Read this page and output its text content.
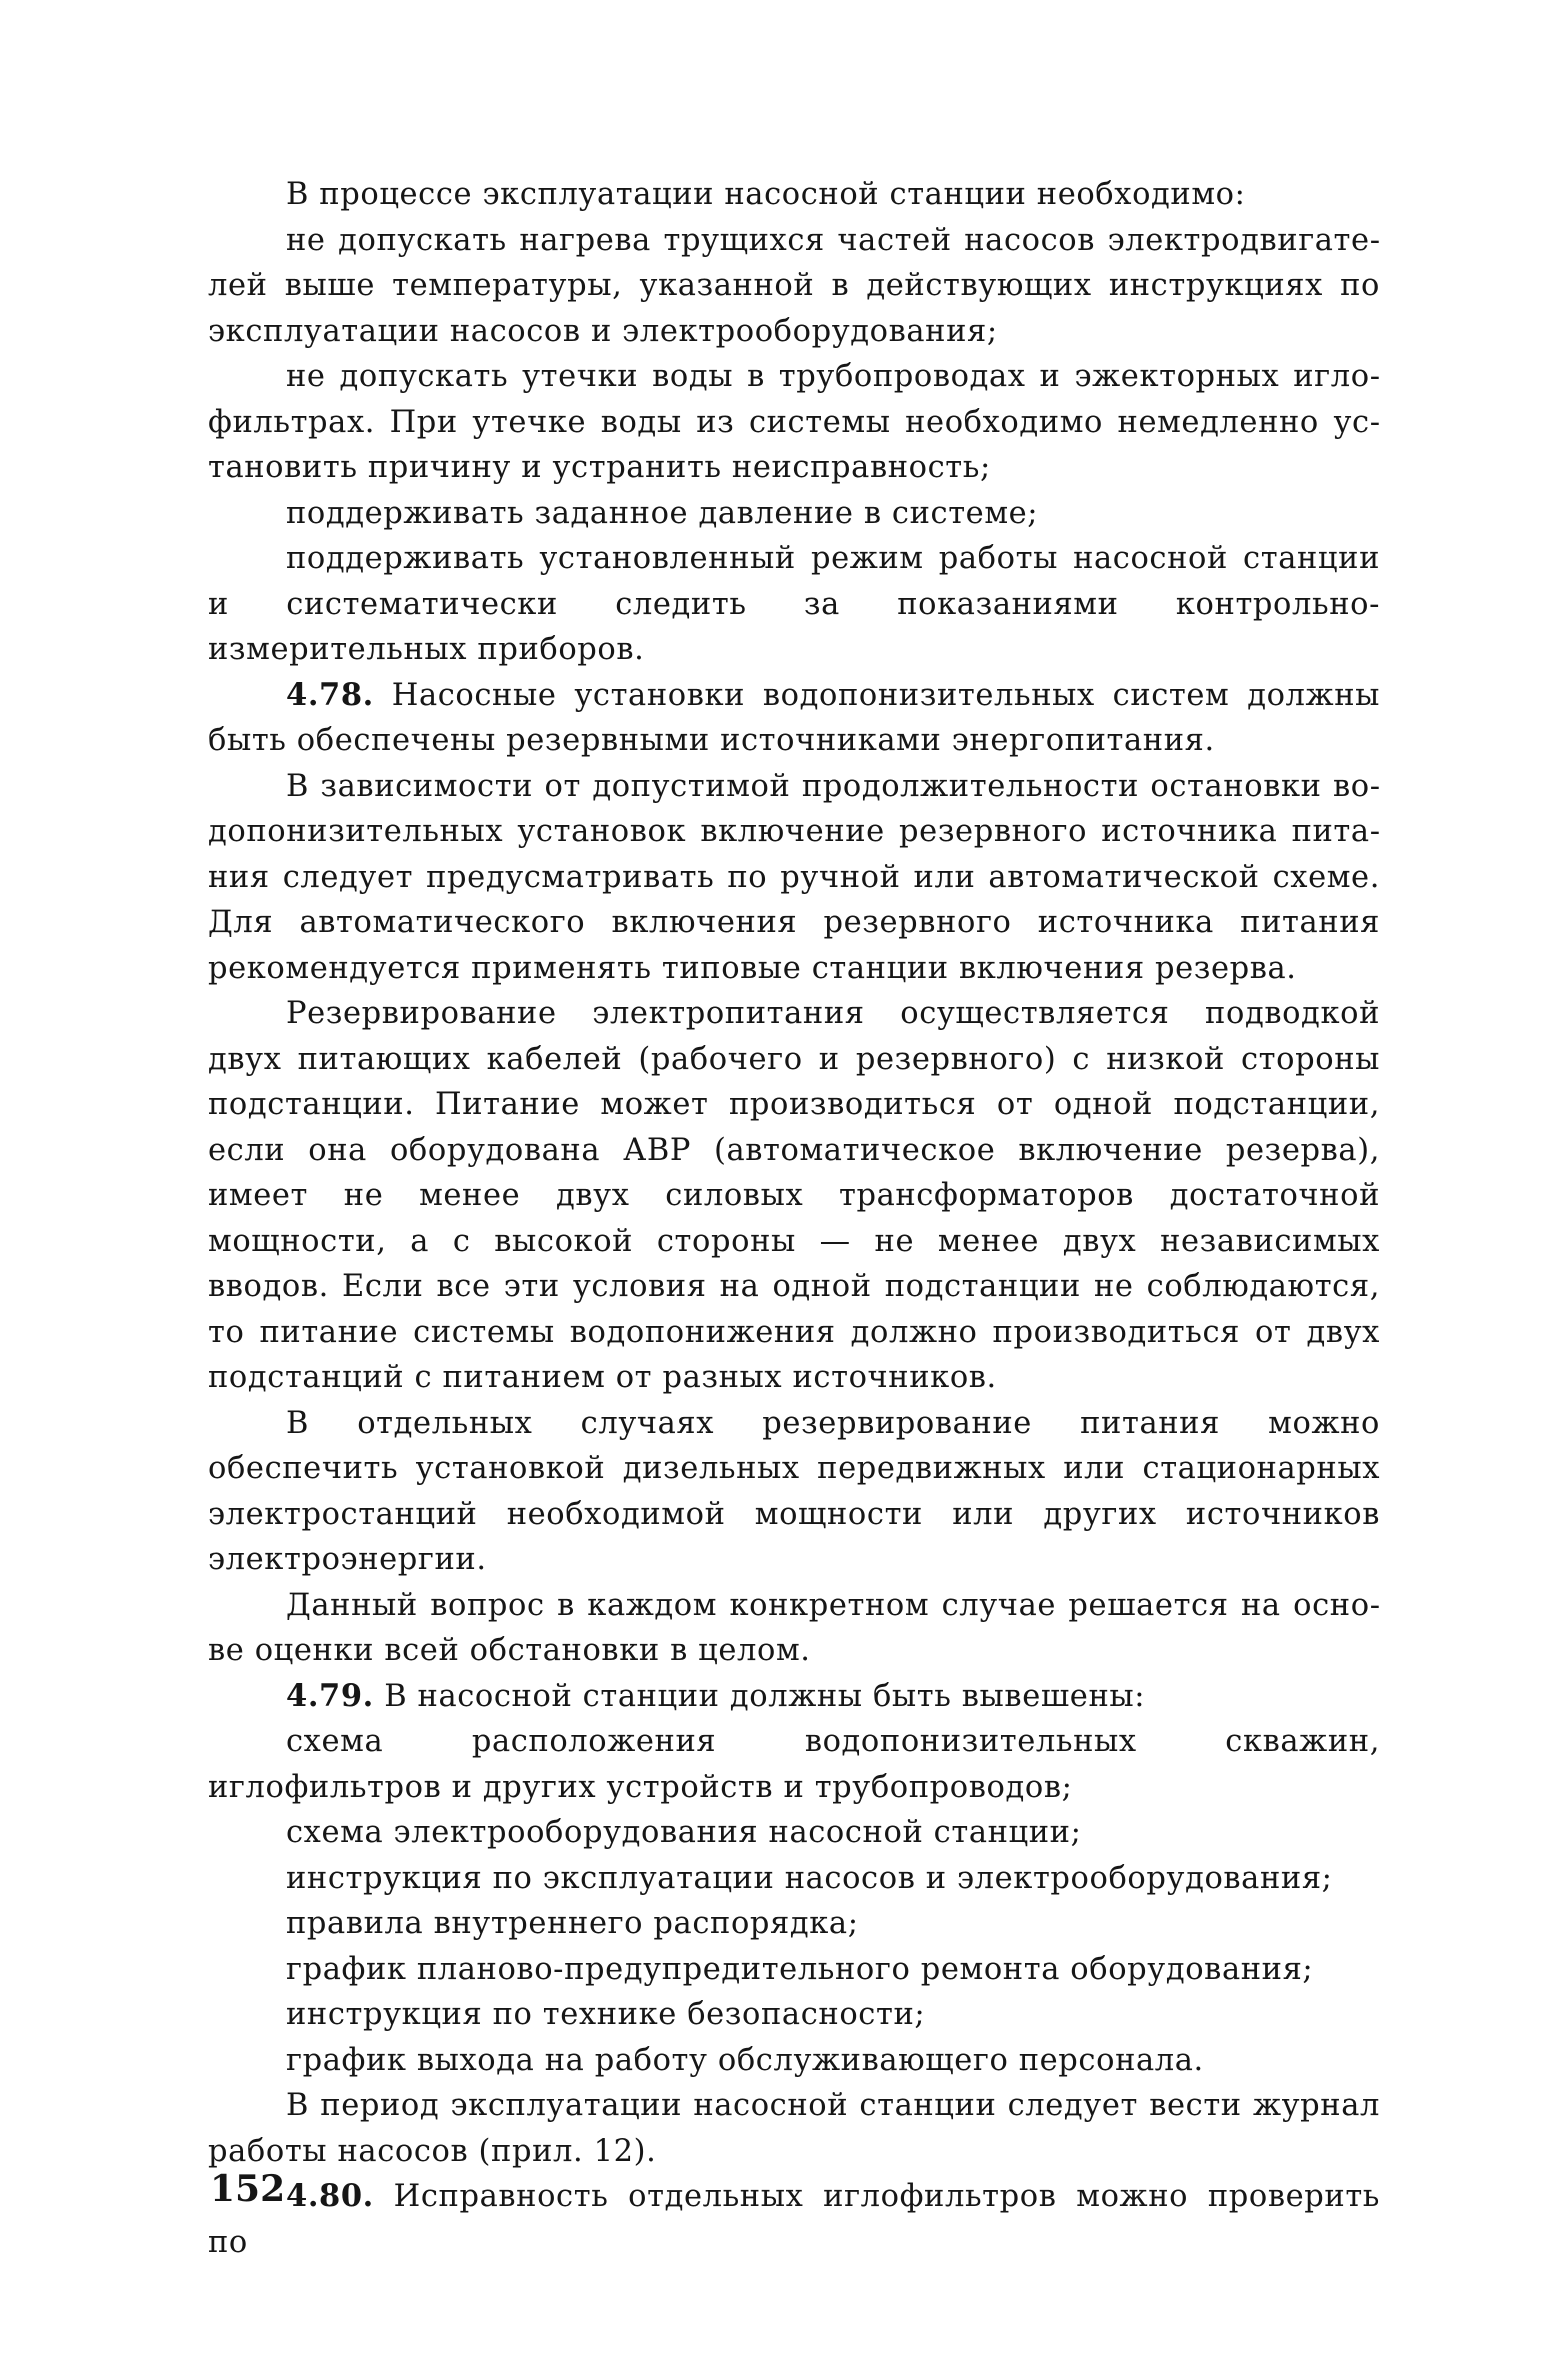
В процессе эксплуатации насосной станции необходимо:

не допускать нагрева трущихся частей насосов электродвигателей выше температуры, указанной в действующих инструкциях по эксплуатации насосов и электрооборудования;

не допускать утечки воды в трубопроводах и эжекторных иглофильтрах. При утечке воды из системы необходимо немедленно установить причину и устранить неисправность;

поддерживать заданное давление в системе;

поддерживать установленный режим работы насосной станции и систематически следить за показаниями контрольно-измерительных приборов.

4.78. Насосные установки водопонизительных систем должны быть обеспечены резервными источниками энергопитания.

В зависимости от допустимой продолжительности остановки водопонизительных установок включение резервного источника питания следует предусматривать по ручной или автоматической схеме. Для автоматического включения резервного источника питания рекомендуется применять типовые станции включения резерва.

Резервирование электропитания осуществляется подводкой двух питающих кабелей (рабочего и резервного) с низкой стороны подстанции. Питание может производиться от одной подстанции, если она оборудована АВР (автоматическое включение резерва), имеет не менее двух силовых трансформаторов достаточной мощности, а с высокой стороны — не менее двух независимых вводов. Если все эти условия на одной подстанции не соблюдаются, то питание системы водопонижения должно производиться от двух подстанций с питанием от разных источников.

В отдельных случаях резервирование питания можно обеспечить установкой дизельных передвижных или стационарных электростанций необходимой мощности или других источников электроэнергии.

Данный вопрос в каждом конкретном случае решается на основе оценки всей обстановки в целом.

4.79. В насосной станции должны быть вывешены:

схема расположения водопонизительных скважин, иглофильтров и других устройств и трубопроводов;

схема электрооборудования насосной станции;

инструкция по эксплуатации насосов и электрооборудования;

правила внутреннего распорядка;

график планово-предупредительного ремонта оборудования;

инструкция по технике безопасности;

график выхода на работу обслуживающего персонала.

В период эксплуатации насосной станции следует вести журнал работы насосов (прил. 12).

4.80. Исправность отдельных иглофильтров можно проверить по

152
